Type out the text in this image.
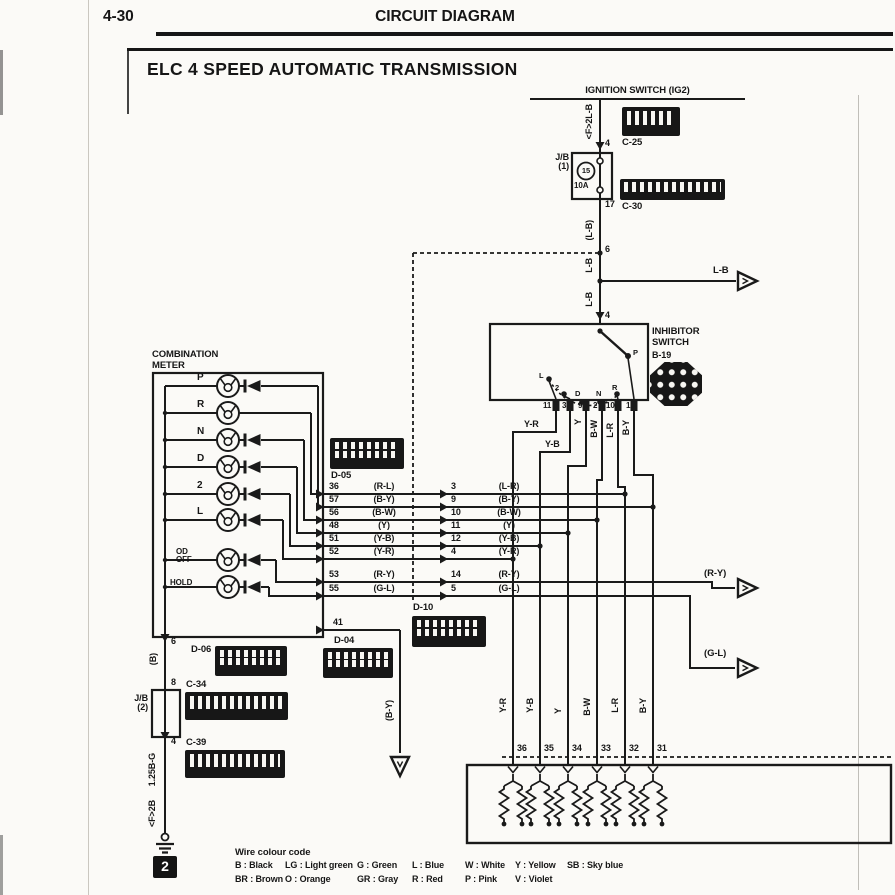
4-30	CIRCUIT DIAGRAM
ELC 4 SPEED AUTOMATIC TRANSMISSION
IGNITION SWITCH (IG2)
<F>2L-B
4
J/B
(1)	15
10A
17
C-25
C-30
(L-B)
6
L-B	L-B
L-B
4
INHIBITOR
SWITCH
B-19
L
2
D N
R
P
11 3 9 2 10 1
Y-R
Y-B
Y B-W L-R B-Y
COMBINATION
METER
P
R
N
D
2
L
OD OFF
HOLD
D-05
36	(R-L)
57	(B-Y)
56	(B-W)
48	(Y)
51	(Y-B)
52	(Y-R)
53	(R-Y)
55	(G-L)
3	(L-R)
9	(B-Y)
10	(B-W)
11	(Y)
12	(Y-B)
4	(Y-R)
14	(R-Y)
5	(G-L)
41
D-10
(R-Y)
(G-L)
6
(B)
8
J/B
(2)
4
1.25B-G
<F>2B
2
D-06
D-04
C-34
C-39
(B-Y)	Y-R Y-B Y B-W L-R B-Y
36 35 34 33 32 31
Wire colour code
B : Black LG : Light green G : Green L : Blue W : White Y : Yellow SB : Sky blue
BR : Brown O : Orange	GR : Gray R : Red P : Pink V : Violet
